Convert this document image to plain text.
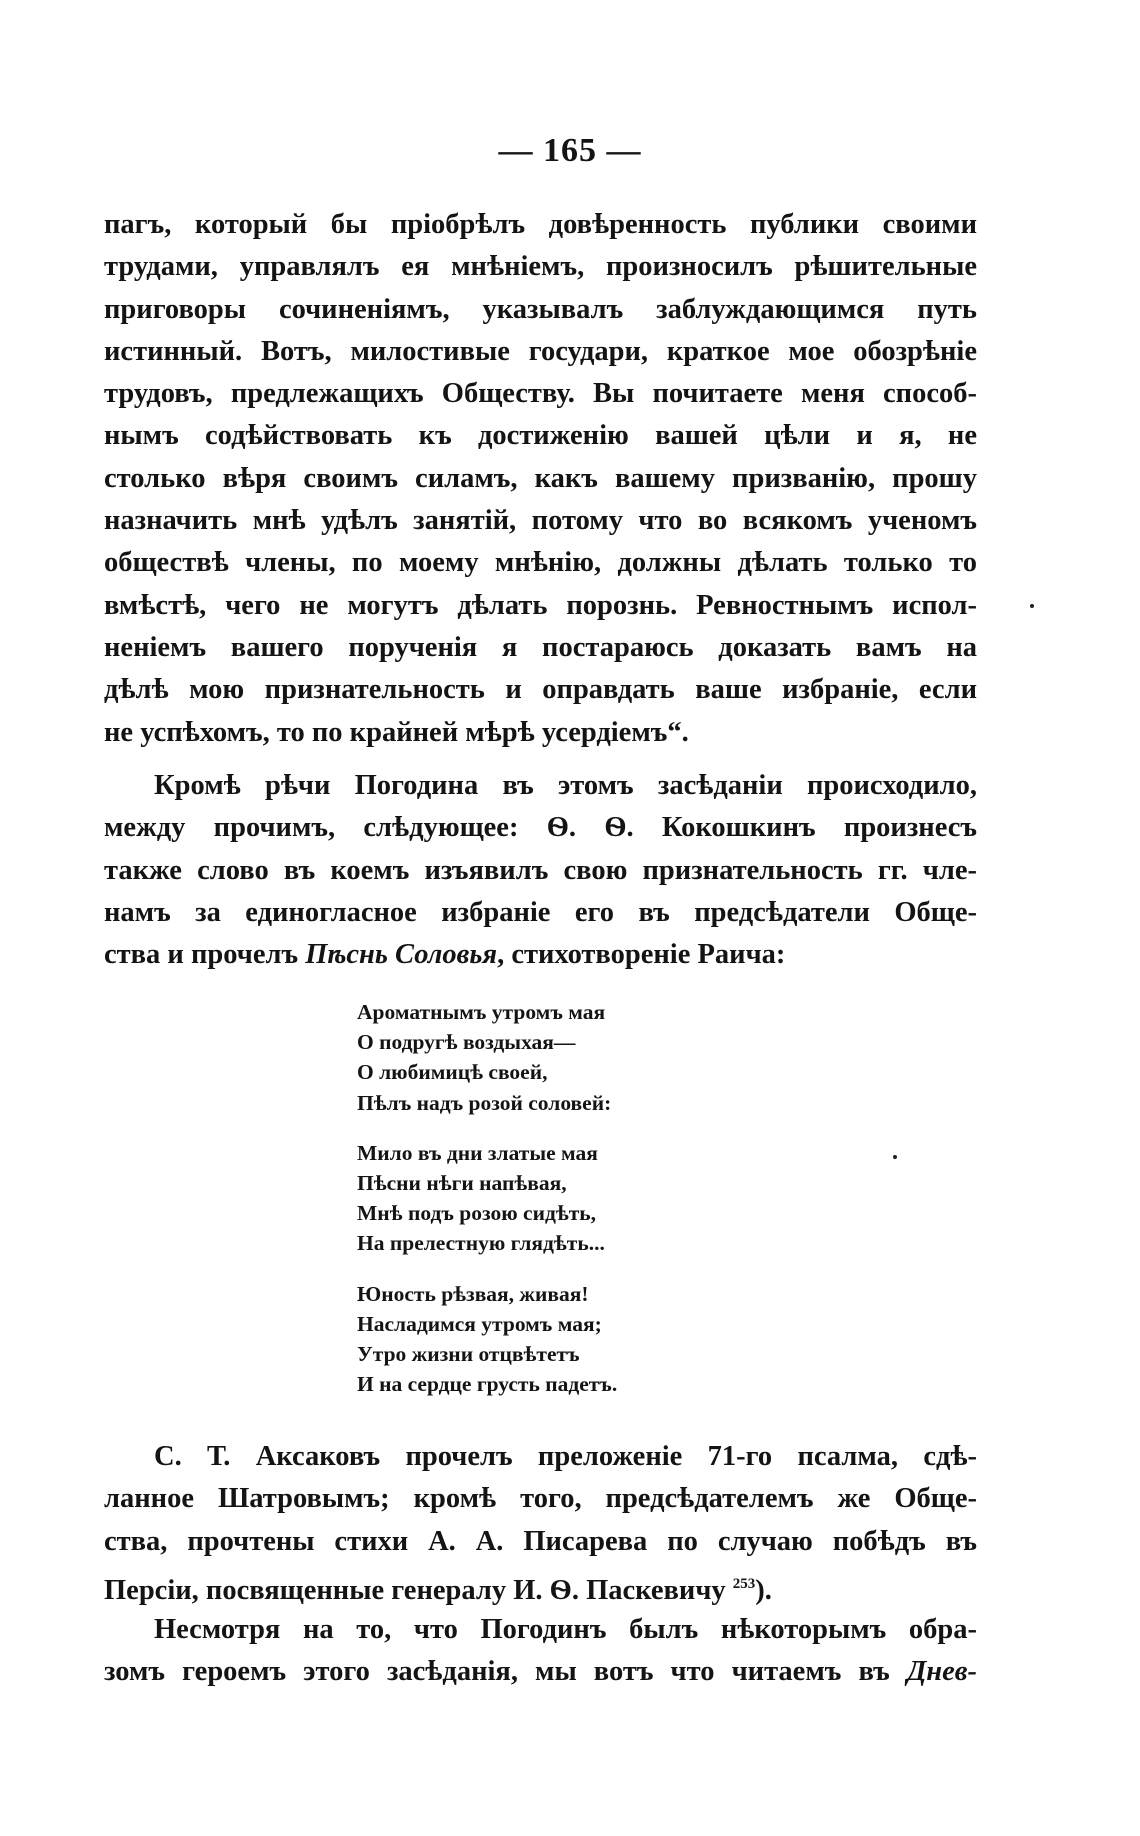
— 165 —
пагъ, который бы пріобрѣлъ довѣренность публики своими
трудами, управлялъ ея мнѣніемъ, произносилъ рѣшительные
приговоры сочиненіямъ, указывалъ заблуждающимся путь
истинный. Вотъ, милостивые государи, краткое мое обозрѣніе
трудовъ, предлежащихъ Обществу. Вы почитаете меня способ-
нымъ содѣйствовать къ достиженію вашей цѣли и я, не
столько вѣря своимъ силамъ, какъ вашему призванію, прошу
назначить мнѣ удѣлъ занятій, потому что во всякомъ ученомъ
обществѣ члены, по моему мнѣнію, должны дѣлать только то
вмѣстѣ, чего не могутъ дѣлать порознь. Ревностнымъ испол-
неніемъ вашего порученія я постараюсь доказать вамъ на
дѣлѣ мою признательность и оправдать ваше избраніе, если
не успѣхомъ, то по крайней мѣрѣ усердіемъ“.
Кромѣ рѣчи Погодина въ этомъ засѣданіи происходило,
между прочимъ, слѣдующее: Ѳ. Ѳ. Кокошкинъ произнесъ
также слово въ коемъ изъявилъ свою признательность гг. чле-
намъ за единогласное избраніе его въ предсѣдатели Обще-
ства и прочелъ Пѣснь Соловья, стихотвореніе Раича:
Ароматнымъ утромъ мая
О подругѣ воздыхая—
О любимицѣ своей,
Пѣлъ надъ розой соловей:
Мило въ дни златые мая
Пѣсни нѣги напѣвая,
Мнѣ подъ розою сидѣть,
На прелестную глядѣть...
Юность рѣзвая, живая!
Насладимся утромъ мая;
Утро жизни отцвѣтетъ
И на сердце грусть падетъ.
С. Т. Аксаковъ прочелъ преложеніе 71-го псалма, сдѣ-
ланное Шатровымъ; кромѣ того, предсѣдателемъ же Обще-
ства, прочтены стихи А. А. Писарева по случаю побѣдъ въ
Персіи, посвященные генералу И. Ѳ. Паскевичу $^{253}$).
Несмотря на то, что Погодинъ былъ нѣкоторымъ обра-
зомъ героемъ этого засѣданія, мы вотъ что читаемъ въ Днев-
